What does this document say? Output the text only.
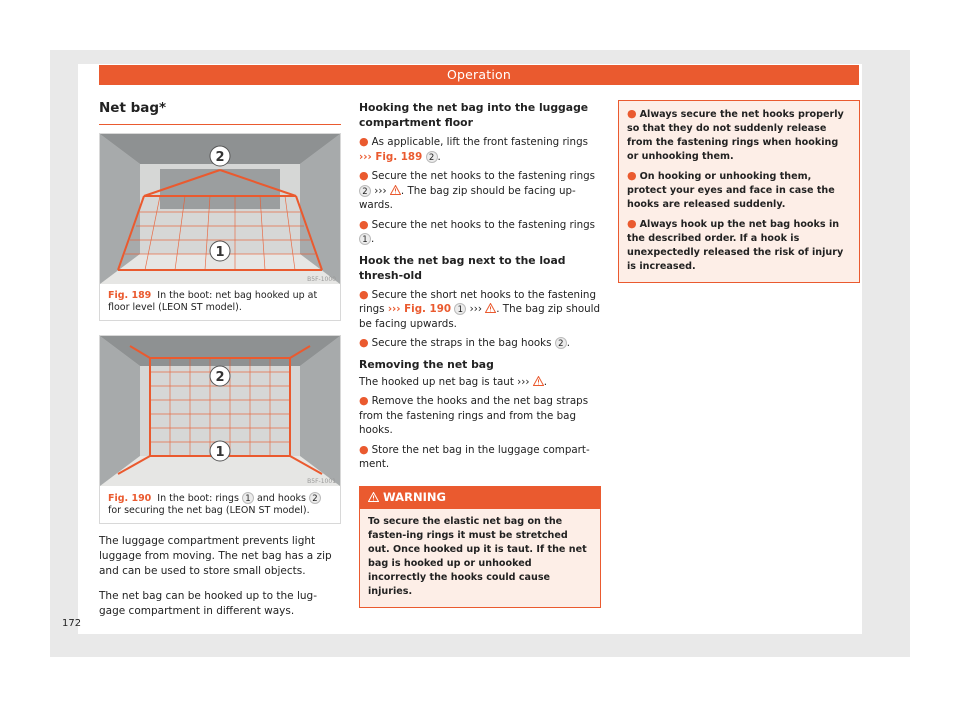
Operation
Net bag*
2
1
B5F-1000
Fig. 189 In the boot: net bag hooked up at floor level (LEON ST model).
2
1
B5F-1001
Fig. 190 In the boot: rings 1 and hooks 2 for securing the net bag (LEON ST model).

The luggage compartment prevents light luggage from moving. The net bag has a zip and can be used to store small objects.

The net bag can be hooked up to the lug-gage compartment in different ways.

Hooking the net bag into the luggage compartment floor
● As applicable, lift the front fastening rings ››› Fig. 189 2 .
● Secure the net hooks to the fastening rings 2 ››› . The bag zip should be facing up-wards.
● Secure the net hooks to the fastening rings 1 .
Hook the net bag next to the load thresh-old
● Secure the short net hooks to the fastening rings ››› Fig. 190 1 ››› . The bag zip should be facing upwards.
● Secure the straps in the bag hooks 2 .
Removing the net bag
The hooked up net bag is taut ››› .
● Remove the hooks and the net bag straps from the fastening rings and from the bag hooks.
● Store the net bag in the luggage compart-ment.
WARNING
To secure the elastic net bag on the fasten-ing rings it must be stretched out. Once hooked up it is taut. If the net bag is hooked up or unhooked incorrectly the hooks could cause injuries.
● Always secure the net hooks properly so that they do not suddenly release from the fastening rings when hooking or unhooking them.
● On hooking or unhooking them, protect your eyes and face in case the hooks are released suddenly.
● Always hook up the net bag hooks in the described order. If a hook is unexpectedly released the risk of injury is increased.
172
